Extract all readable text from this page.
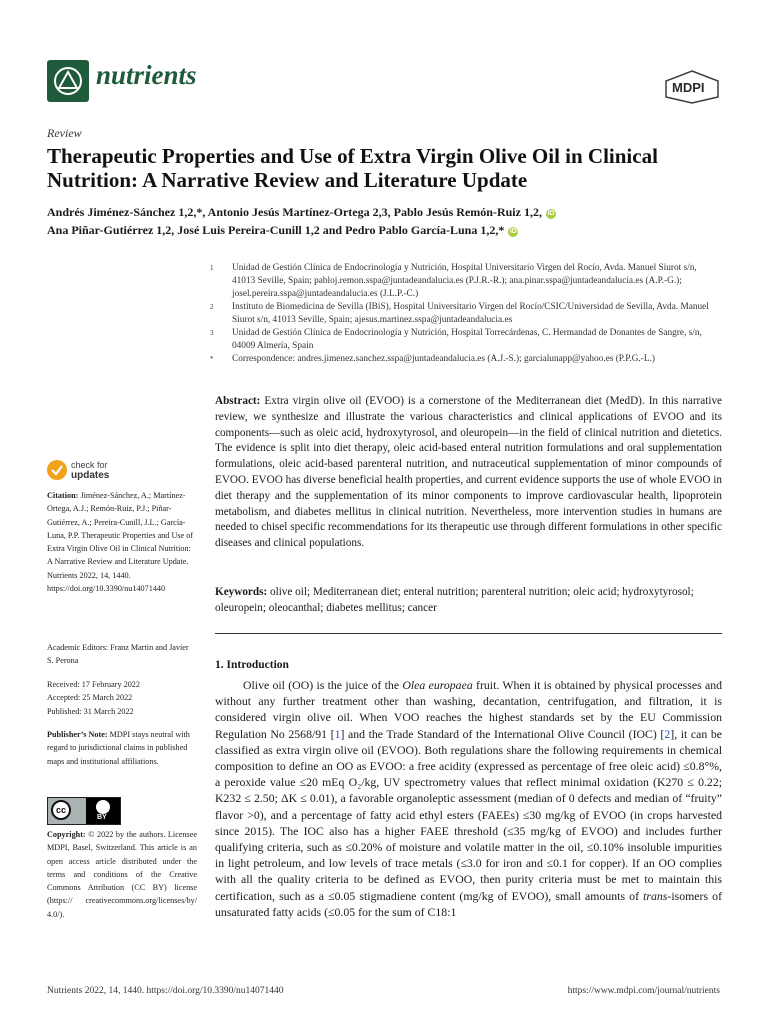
nutrients	MDPI
Review
Therapeutic Properties and Use of Extra Virgin Olive Oil in Clinical Nutrition: A Narrative Review and Literature Update
Andrés Jiménez-Sánchez 1,2,*, Antonio Jesús Martínez-Ortega 2,3, Pablo Jesús Remón-Ruiz 1,2, iD
Ana Piñar-Gutiérrez 1,2, José Luis Pereira-Cunill 1,2 and Pedro Pablo García-Luna 1,2,* iD
1 Unidad de Gestión Clínica de Endocrinología y Nutrición, Hospital Universitario Virgen del Rocío, Avda. Manuel Siurot s/n, 41013 Seville, Spain; pabloj.remon.sspa@juntadeandalucia.es (P.J.R.-R.); ana.pinar.sspa@juntadeandalucia.es (A.P.-G.); josel.pereira.sspa@juntadeandalucia.es (J.L.P.-C.)
2 Instituto de Biomedicina de Sevilla (IBiS), Hospital Universitario Virgen del Rocío/CSIC/Universidad de Sevilla, Avda. Manuel Siurot s/n, 41013 Seville, Spain; ajesus.martinez.sspa@juntadeandalucia.es
3 Unidad de Gestión Clínica de Endocrinología y Nutrición, Hospital Torrecárdenas, C. Hermandad de Donantes de Sangre, s/n, 04009 Almería, Spain
* Correspondence: andres.jimenez.sanchez.sspa@juntadeandalucia.es (A.J.-S.); garcialunapp@yahoo.es (P.P.G.-L.)
Abstract: Extra virgin olive oil (EVOO) is a cornerstone of the Mediterranean diet (MedD). In this narrative review, we synthesize and illustrate the various characteristics and clinical applications of EVOO and its components—such as oleic acid, hydroxytyrosol, and oleuropein—in the field of clinical nutrition and dietetics. The evidence is split into diet therapy, oleic acid-based enteral nutrition formulations and oral supplementation formulations, oleic acid-based parenteral nutrition, and nutraceutical supplementation of minor compounds of EVOO. EVOO has diverse beneficial health properties, and current evidence supports the use of whole EVOO in diet therapy and the supplementation of its minor components to improve cardiovascular health, lipoprotein metabolism, and diabetes mellitus in clinical nutrition. Nevertheless, more intervention studies in humans are needed to chisel specific recommendations for its therapeutic use through different formulations in other specific diseases and clinical populations.
Keywords: olive oil; Mediterranean diet; enteral nutrition; parenteral nutrition; oleic acid; hydroxytyrosol; oleuropein; oleocanthal; diabetes mellitus; cancer
check for
updates
Citation: Jiménez-Sánchez, A.; Martínez-Ortega, A.J.; Remón-Ruiz, P.J.; Piñar-Gutiérrez, A.; Pereira-Cunill, J.L.; García-Luna, P.P. Therapeutic Properties and Use of Extra Virgin Olive Oil in Clinical Nutrition: A Narrative Review and Literature Update. Nutrients 2022, 14, 1440. https://doi.org/10.3390/nu14071440
Academic Editors: Franz Martin and Javier S. Perona
Received: 17 February 2022
Accepted: 25 March 2022
Published: 31 March 2022
Publisher’s Note: MDPI stays neutral with regard to jurisdictional claims in published maps and institutional affiliations.
cc
BY
Copyright: © 2022 by the authors. Licensee MDPI, Basel, Switzerland. This article is an open access article distributed under the terms and conditions of the Creative Commons Attribution (CC BY) license (https:// creativecommons.org/licenses/by/ 4.0/).
1. Introduction

Olive oil (OO) is the juice of the Olea europaea fruit. When it is obtained by physical processes and without any further treatment other than washing, decantation, centrifugation, and filtration, it is considered virgin olive oil. When VOO reaches the highest standards set by the EU Commission Regulation No 2568/91 [1] and the Trade Standard of the International Olive Council (IOC) [2], it can be classified as extra virgin olive oil (EVOO). Both regulations share the following requirements in chemical composition to define an OO as EVOO: a free acidity (expressed as percentage of free oleic acid) ≤0.8°%, a peroxide value ≤20 mEq O₂/kg, UV spectrometry values that reflect minimal oxidation (K270 ≤ 0.22; K232 ≤ 2.50; ΔK ≤ 0.01), a favorable organoleptic assessment (median of 0 defects and median of “fruity” flavor >0), and a percentage of fatty acid ethyl esters (FAEEs) ≤30 mg/kg of EVOO (in crops harvested since 2015). The IOC also has a higher FAEE threshold (≤35 mg/kg of EVOO) and includes further qualifying criteria, such as ≤0.20% of moisture and volatile matter in the oil, ≤0.10% insoluble impurities in light petroleum, and low levels of trace metals (≤3.0 for iron and ≤0.1 for copper). If an OO complies with all the quality criteria to be defined as EVOO, then purity criteria must be met to maintain this certification, such as a ≤0.05 stigmadiene content (mg/kg of EVOO), small amounts of trans-isomers of unsaturated fatty acids (≤0.05 for the sum of C18:1

Nutrients 2022, 14, 1440. https://doi.org/10.3390/nu14071440	https://www.mdpi.com/journal/nutrients
